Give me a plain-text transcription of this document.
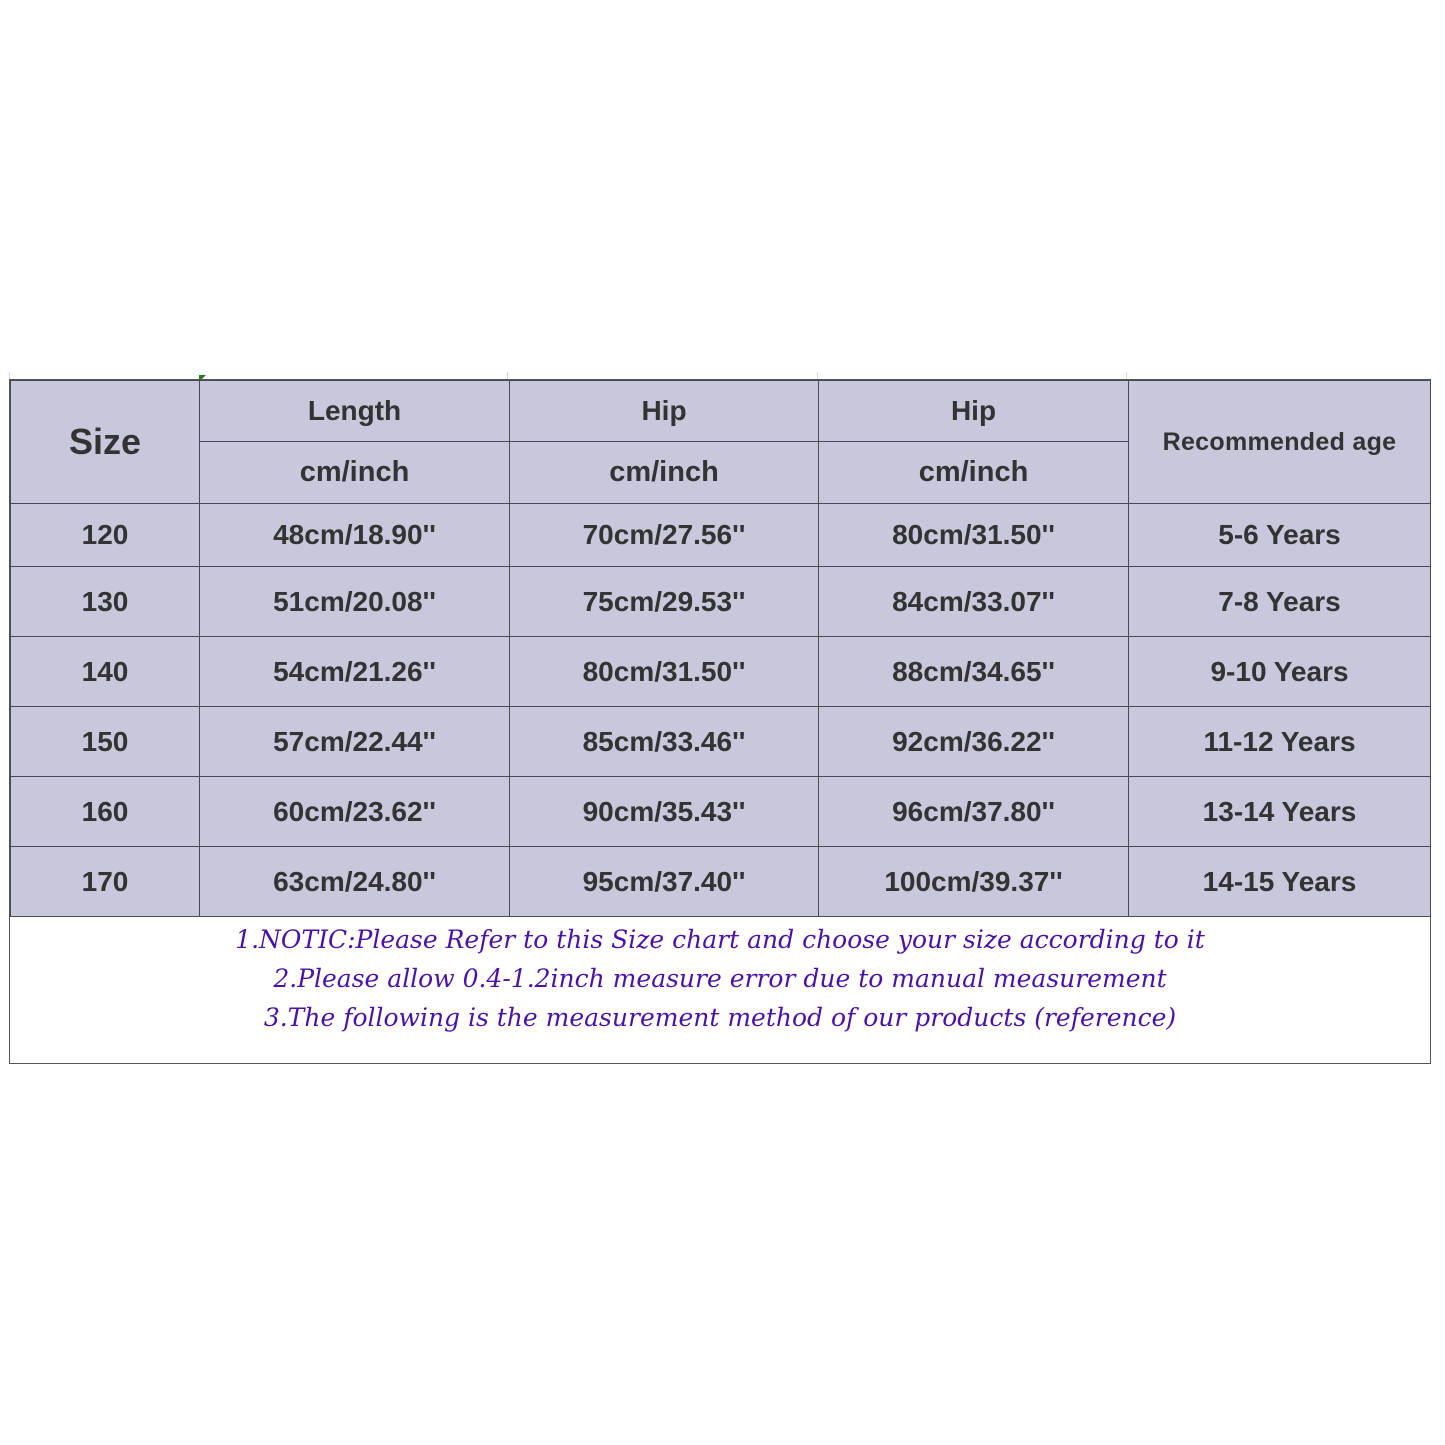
Size	Length	Hip	Hip	Recommended age
	cm/inch	cm/inch	cm/inch	
120	48cm/18.90''	70cm/27.56''	80cm/31.50''	5-6 Years
130	51cm/20.08''	75cm/29.53''	84cm/33.07''	7-8 Years
140	54cm/21.26''	80cm/31.50''	88cm/34.65''	9-10 Years
150	57cm/22.44''	85cm/33.46''	92cm/36.22''	11-12 Years
160	60cm/23.62''	90cm/35.43''	96cm/37.80''	13-14 Years
170	63cm/24.80''	95cm/37.40''	100cm/39.37''	14-15 Years
1.NOTIC:Please Refer to this Size chart and choose your size according to it
2.Please allow 0.4-1.2inch measure error due to manual measurement
3.The following is the measurement method of our products (reference)
